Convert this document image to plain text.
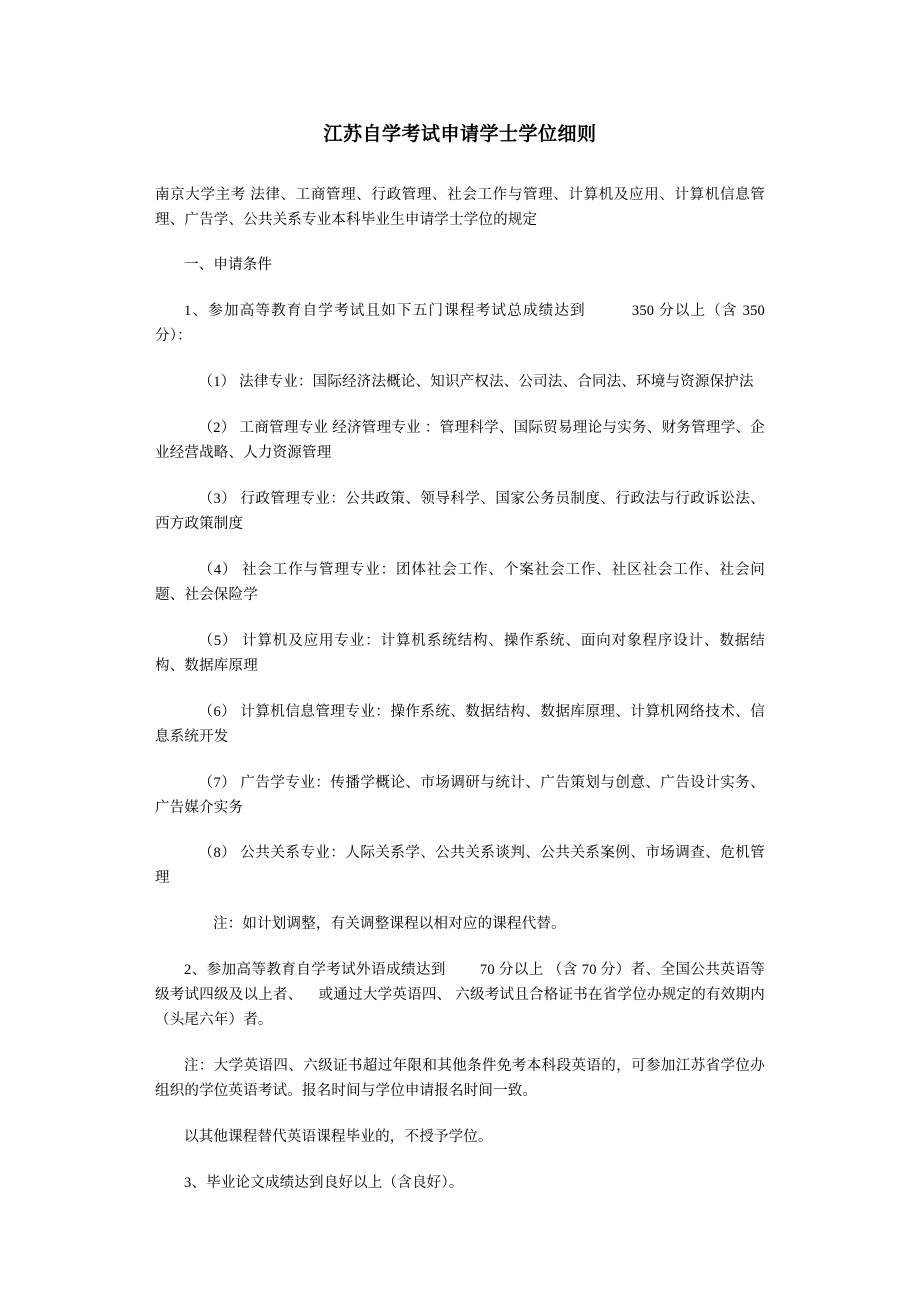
江苏自学考试申请学士学位细则

南京大学主考 法律、工商管理、行政管理、社会工作与管理、计算机及应用、计算机信息管理、广告学、公共关系专业本科毕业生申请学士学位的规定

一、申请条件

1、参加高等教育自学考试且如下五门课程考试总成绩达到	350 分以上（含 350 分）：

（1） 法律专业：国际经济法概论、知识产权法、公司法、合同法、环境与资源保护法

（2） 工商管理专业 经济管理专业 ：管理科学、国际贸易理论与实务、财务管理学、企业经营战略、人力资源管理

（3） 行政管理专业：公共政策、领导科学、国家公务员制度、行政法与行政诉讼法、西方政策制度

（4） 社会工作与管理专业：团体社会工作、个案社会工作、社区社会工作、社会问题、社会保险学

（5） 计算机及应用专业：计算机系统结构、操作系统、面向对象程序设计、数据结构、数据库原理

（6） 计算机信息管理专业：操作系统、数据结构、数据库原理、计算机网络技术、信息系统开发

（7） 广告学专业：传播学概论、市场调研与统计、广告策划与创意、广告设计实务、广告媒介实务

（8） 公共关系专业：人际关系学、公共关系谈判、公共关系案例、市场调查、危机管理

注：如计划调整，有关调整课程以相对应的课程代替。

2、参加高等教育自学考试外语成绩达到 70 分以上 （含 70 分）者、全国公共英语等级考试四级及以上者、 或通过大学英语四、 六级考试且合格证书在省学位办规定的有效期内（头尾六年）者。

注：大学英语四、六级证书超过年限和其他条件免考本科段英语的，可参加江苏省学位办组织的学位英语考试。报名时间与学位申请报名时间一致。

以其他课程替代英语课程毕业的，不授予学位。

3、毕业论文成绩达到良好以上（含良好）。
